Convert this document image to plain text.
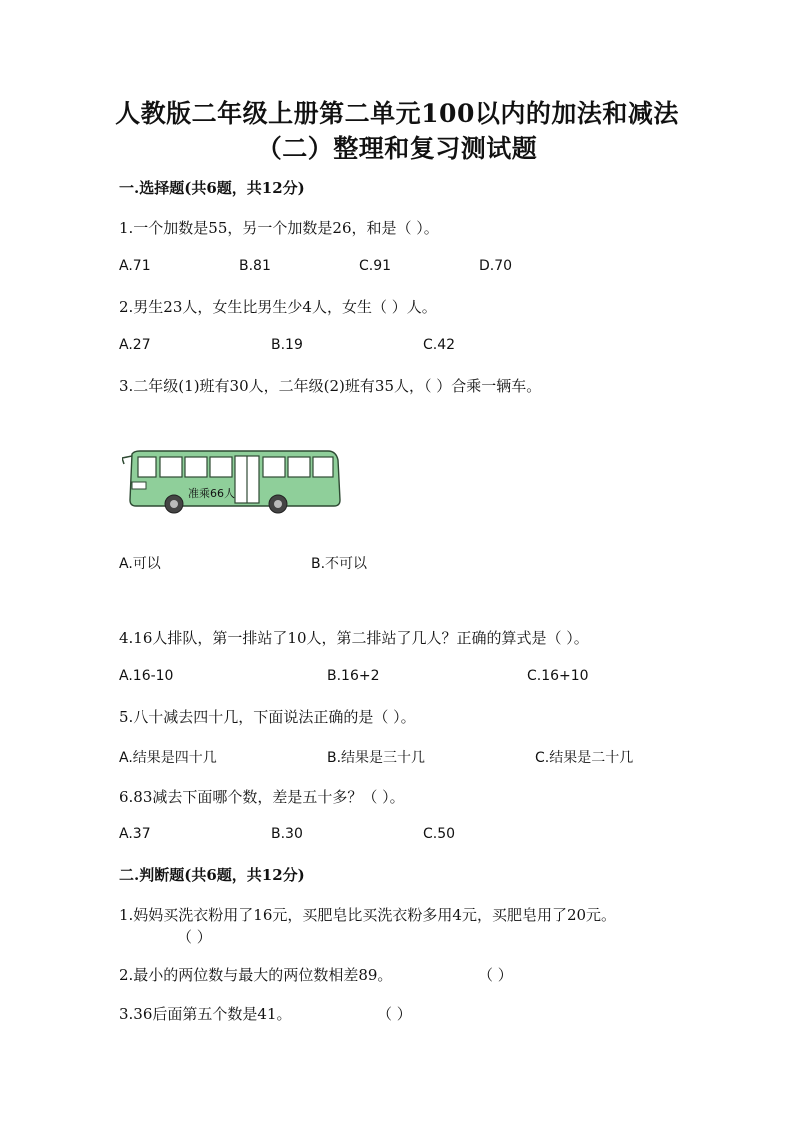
人教版二年级上册第二单元100以内的加法和减法
（二）整理和复习测试题
一.选择题(共6题，共12分)
1.一个加数是55，另一个加数是26，和是（ ）。
A.71	B.81	C.91	D.70
2.男生23人，女生比男生少4人，女生（ ）人。
A.27	B.19	C.42
3.二年级(1)班有30人，二年级(2)班有35人，（ ）合乘一辆车。
准乘66人
A.可以	B.不可以
4.16人排队，第一排站了10人，第二排站了几人？正确的算式是（ ）。
A.16-10	B.16+2	C.16+10
5.八十减去四十几，下面说法正确的是（ ）。
A.结果是四十几	B.结果是三十几	C.结果是二十几
6.83减去下面哪个数，差是五十多？（ ）。
A.37	B.30	C.50
二.判断题(共6题，共12分)
1.妈妈买洗衣粉用了16元，买肥皂比买洗衣粉多用4元，买肥皂用了20元。
（ ）
2.最小的两位数与最大的两位数相差89。	（ ）
3.36后面第五个数是41。	（ ）
